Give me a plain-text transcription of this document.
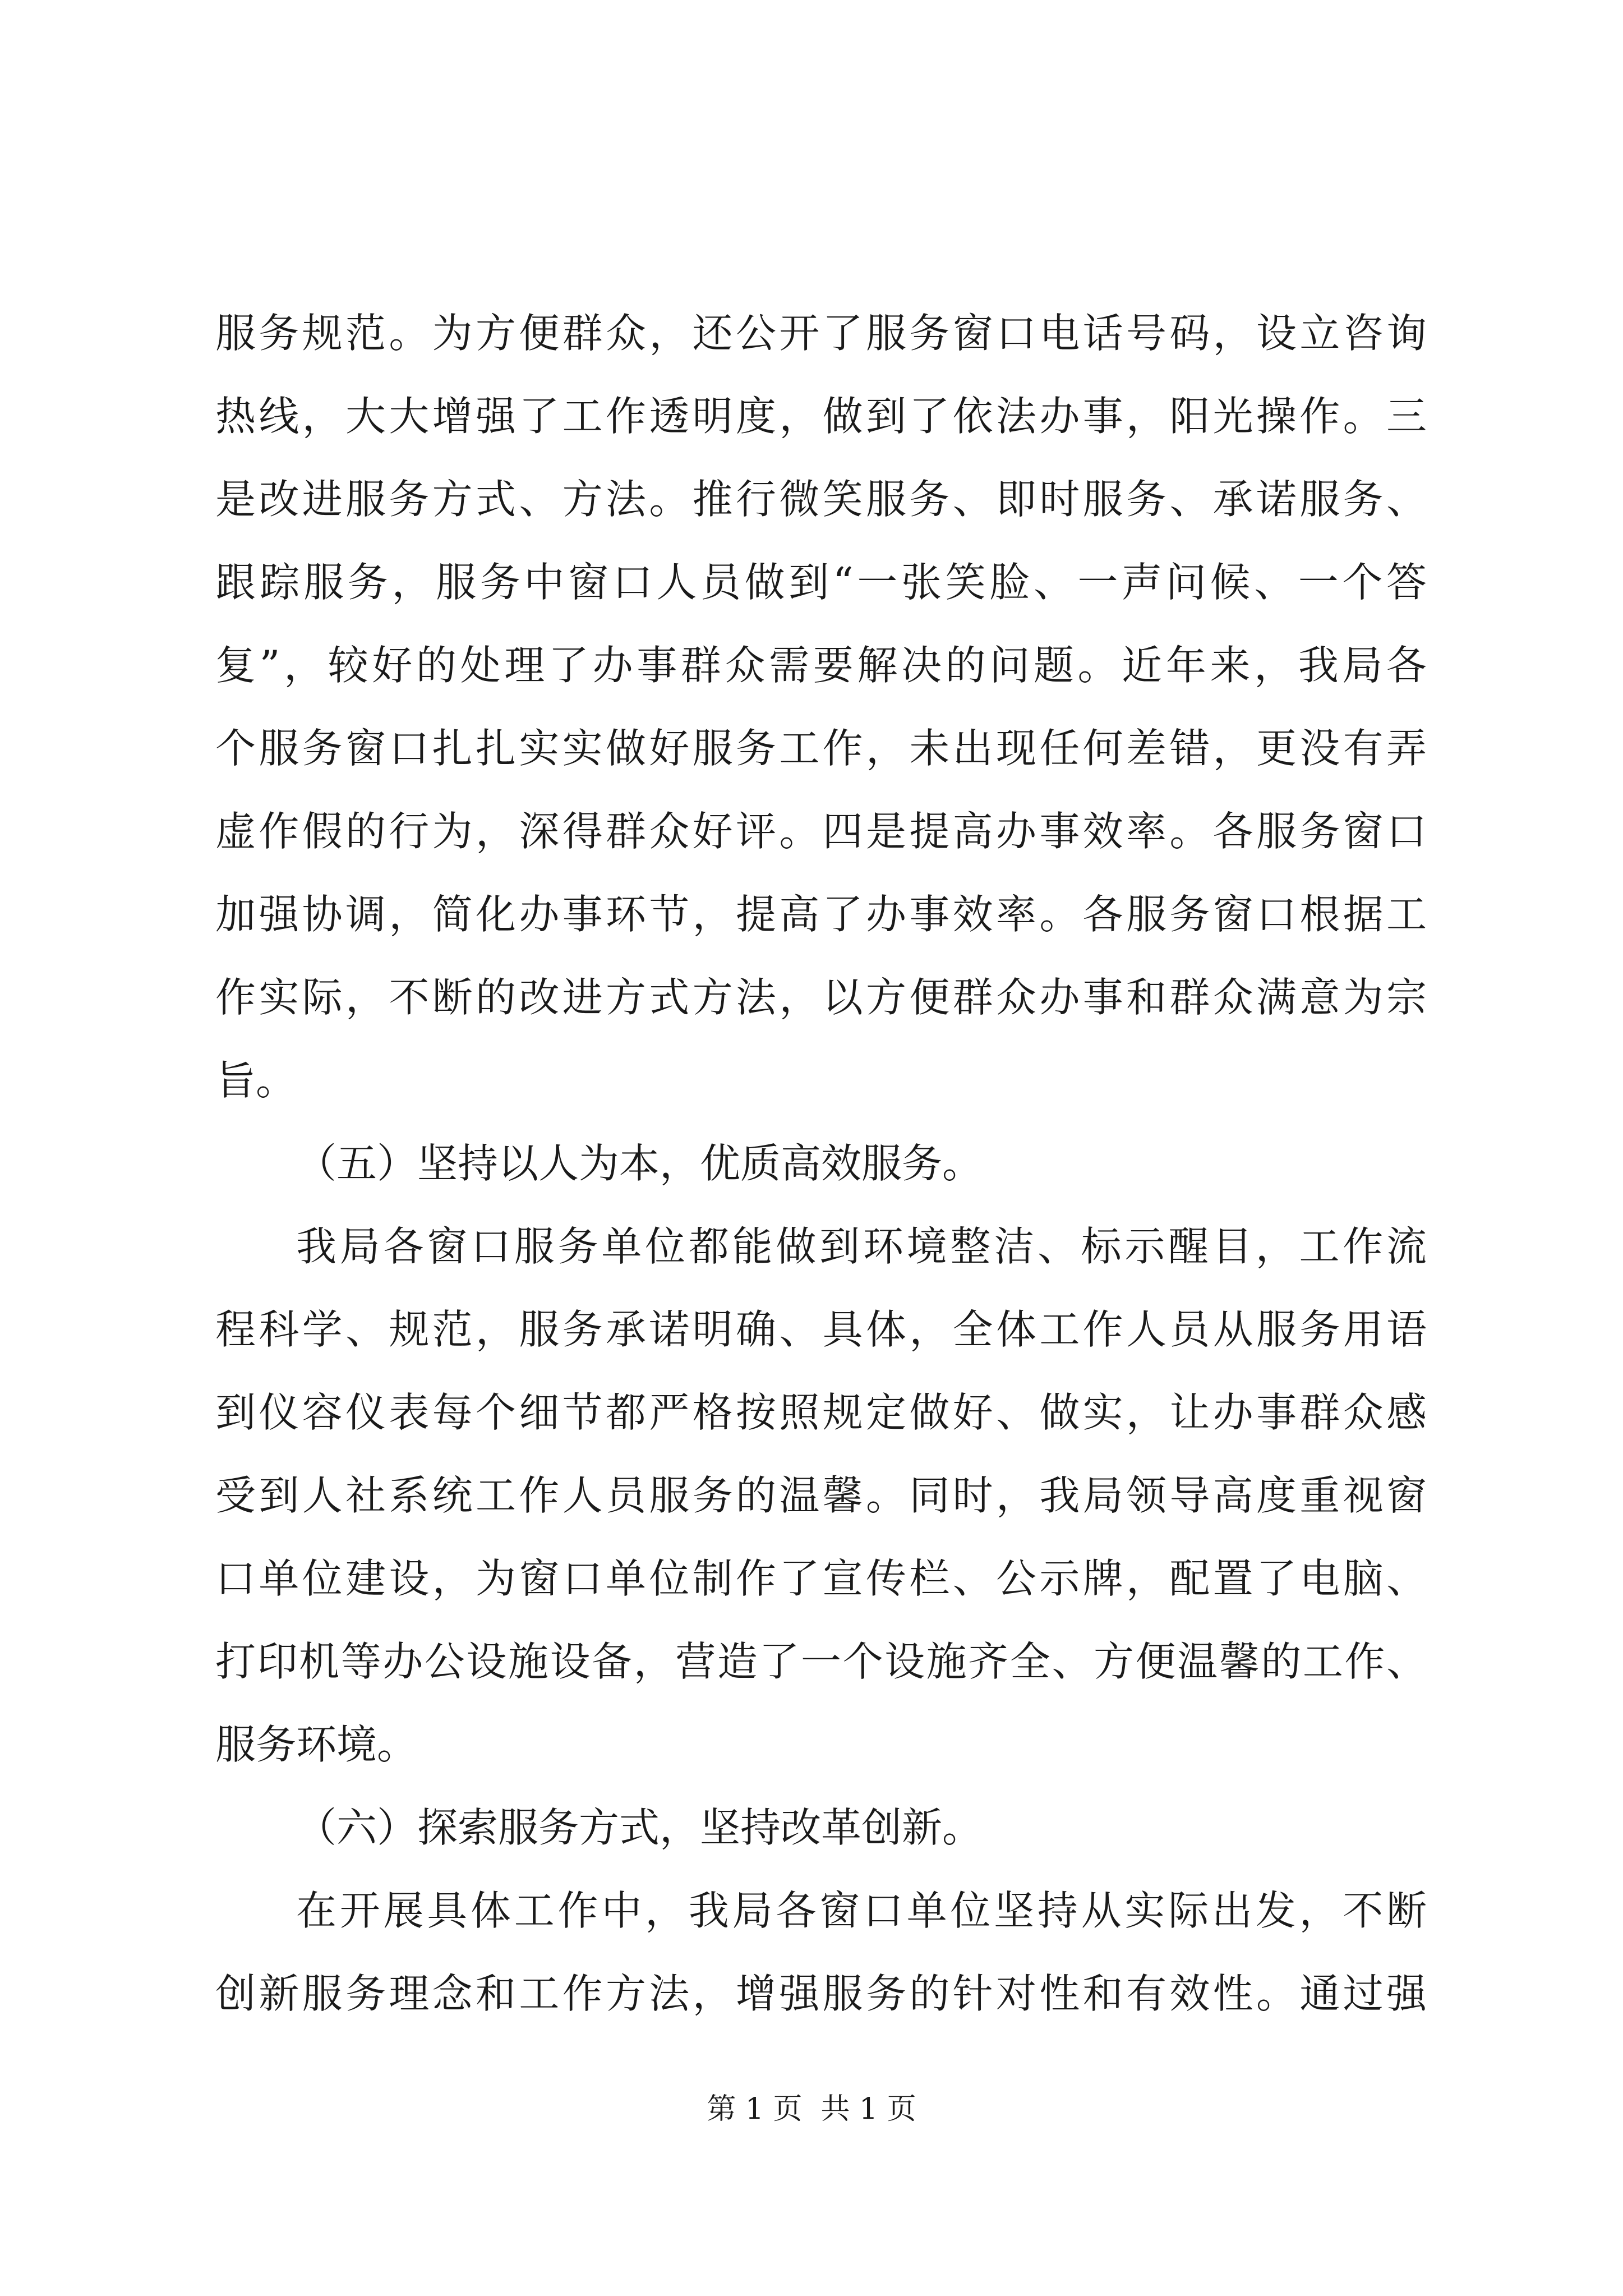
服务规范。为方便群众，还公开了服务窗口电话号码，设立咨询
热线，大大增强了工作透明度，做到了依法办事，阳光操作。三
是改进服务方式、方法。推行微笑服务、即时服务、承诺服务、
跟踪服务，服务中窗口人员做到“一张笑脸、一声问候、一个答
复”，较好的处理了办事群众需要解决的问题。近年来，我局各
个服务窗口扎扎实实做好服务工作，未出现任何差错，更没有弄
虚作假的行为，深得群众好评。四是提高办事效率。各服务窗口
加强协调，简化办事环节，提高了办事效率。各服务窗口根据工
作实际，不断的改进方式方法，以方便群众办事和群众满意为宗
旨。
（五）坚持以人为本，优质高效服务。
我局各窗口服务单位都能做到环境整洁、标示醒目，工作流
程科学、规范，服务承诺明确、具体，全体工作人员从服务用语
到仪容仪表每个细节都严格按照规定做好、做实，让办事群众感
受到人社系统工作人员服务的温馨。同时，我局领导高度重视窗
口单位建设，为窗口单位制作了宣传栏、公示牌，配置了电脑、
打印机等办公设施设备，营造了一个设施齐全、方便温馨的工作、
服务环境。
（六）探索服务方式，坚持改革创新。
在开展具体工作中，我局各窗口单位坚持从实际出发，不断
创新服务理念和工作方法，增强服务的针对性和有效性。通过强
第 1 页  共 1 页
